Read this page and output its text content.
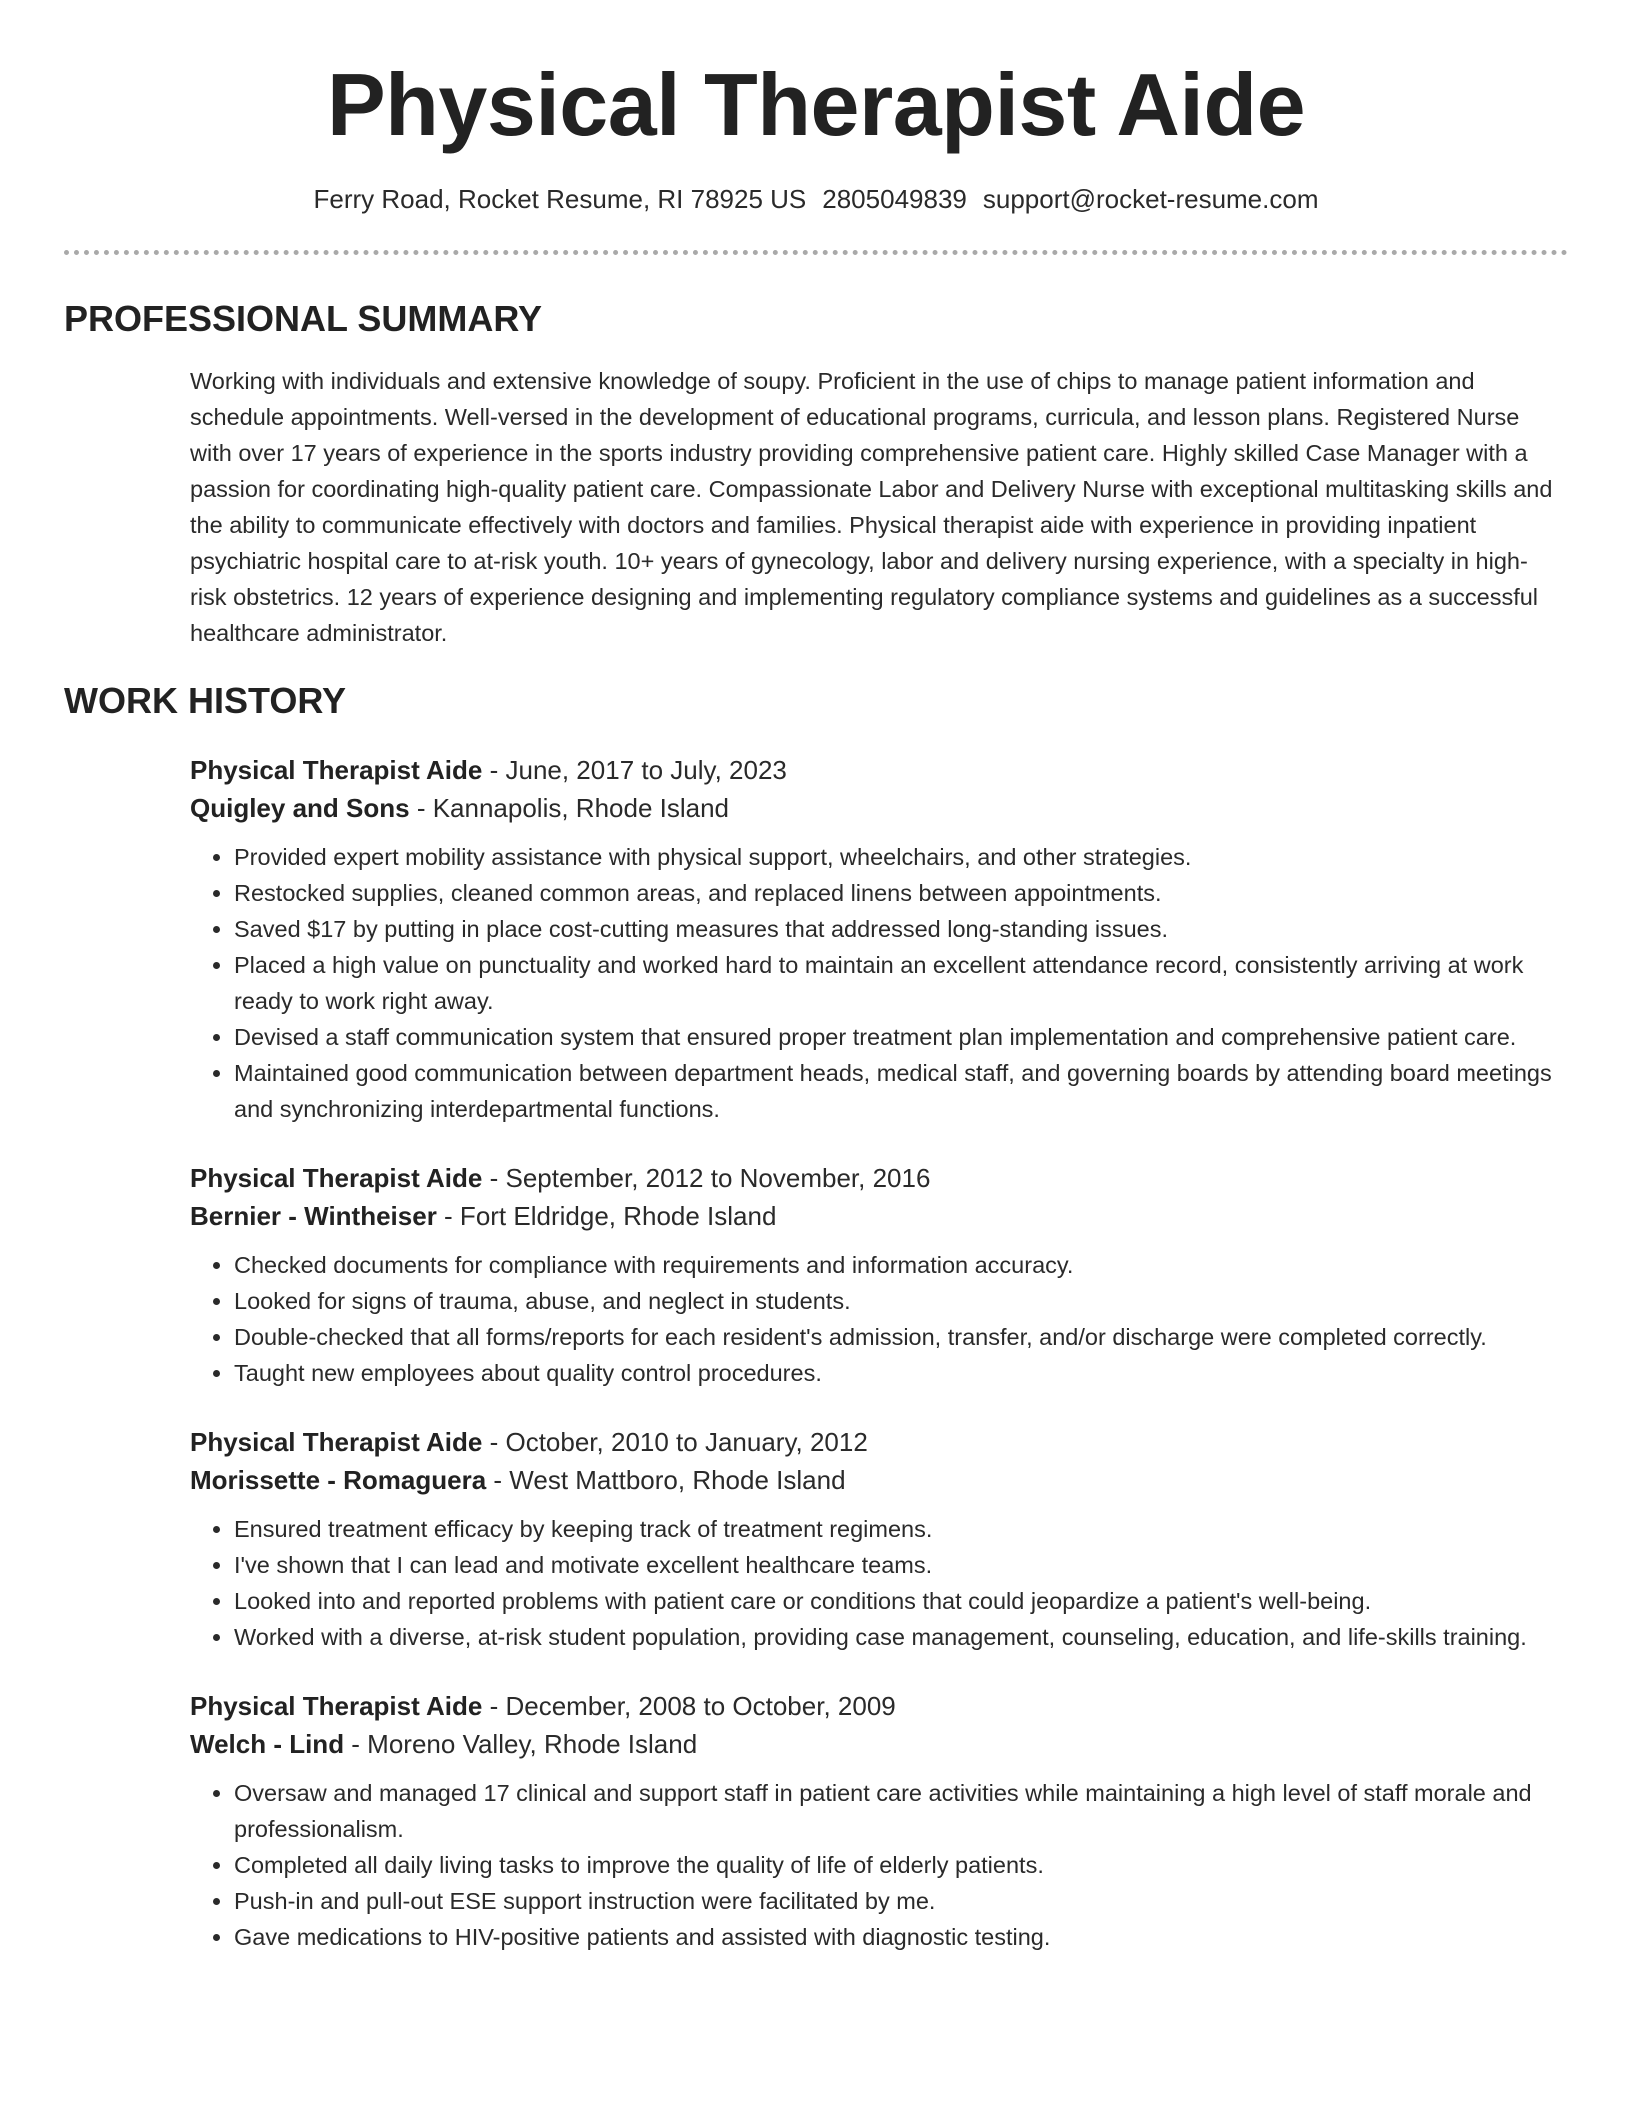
Physical Therapist Aide
Ferry Road, Rocket Resume, RI 78925 US 2805049839 support@rocket-resume.com
PROFESSIONAL SUMMARY

Working with individuals and extensive knowledge of soupy. Proficient in the use of chips to manage patient information and schedule appointments. Well-versed in the development of educational programs, curricula, and lesson plans. Registered Nurse with over 17 years of experience in the sports industry providing comprehensive patient care. Highly skilled Case Manager with a passion for coordinating high-quality patient care. Compassionate Labor and Delivery Nurse with exceptional multitasking skills and the ability to communicate effectively with doctors and families. Physical therapist aide with experience in providing inpatient psychiatric hospital care to at-risk youth. 10+ years of gynecology, labor and delivery nursing experience, with a specialty in high-risk obstetrics. 12 years of experience designing and implementing regulatory compliance systems and guidelines as a successful healthcare administrator.

WORK HISTORY
Physical Therapist Aide - June, 2017 to July, 2023
Quigley and Sons - Kannapolis, Rhode Island
• Provided expert mobility assistance with physical support, wheelchairs, and other strategies.
• Restocked supplies, cleaned common areas, and replaced linens between appointments.
• Saved $17 by putting in place cost-cutting measures that addressed long-standing issues.
• Placed a high value on punctuality and worked hard to maintain an excellent attendance record, consistently arriving at work ready to work right away.
• Devised a staff communication system that ensured proper treatment plan implementation and comprehensive patient care.
• Maintained good communication between department heads, medical staff, and governing boards by attending board meetings and synchronizing interdepartmental functions.
Physical Therapist Aide - September, 2012 to November, 2016
Bernier - Wintheiser - Fort Eldridge, Rhode Island
• Checked documents for compliance with requirements and information accuracy.
• Looked for signs of trauma, abuse, and neglect in students.
• Double-checked that all forms/reports for each resident's admission, transfer, and/or discharge were completed correctly.
• Taught new employees about quality control procedures.
Physical Therapist Aide - October, 2010 to January, 2012
Morissette - Romaguera - West Mattboro, Rhode Island
• Ensured treatment efficacy by keeping track of treatment regimens.
• I've shown that I can lead and motivate excellent healthcare teams.
• Looked into and reported problems with patient care or conditions that could jeopardize a patient's well-being.
• Worked with a diverse, at-risk student population, providing case management, counseling, education, and life-skills training.
Physical Therapist Aide - December, 2008 to October, 2009
Welch - Lind - Moreno Valley, Rhode Island
• Oversaw and managed 17 clinical and support staff in patient care activities while maintaining a high level of staff morale and professionalism.
• Completed all daily living tasks to improve the quality of life of elderly patients.
• Push-in and pull-out ESE support instruction were facilitated by me.
• Gave medications to HIV-positive patients and assisted with diagnostic testing.
